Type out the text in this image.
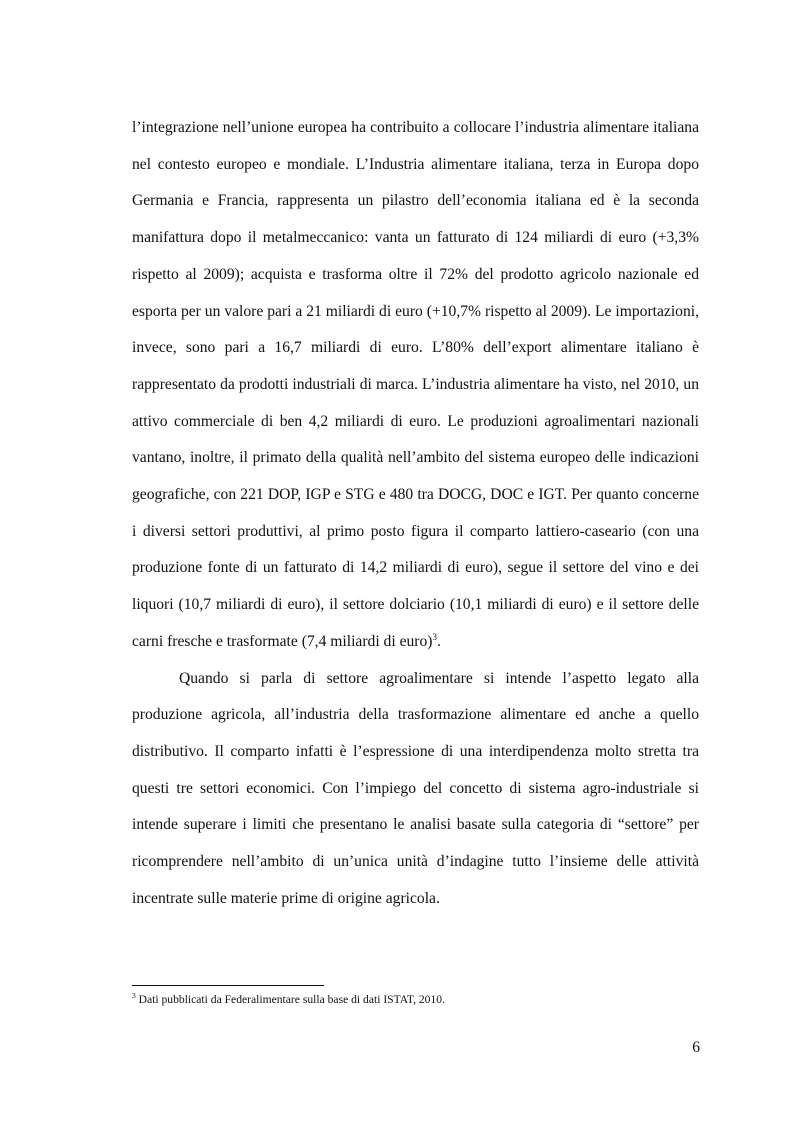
l’integrazione nell’unione europea ha contribuito a collocare l’industria alimentare italiana nel contesto europeo e mondiale. L’Industria alimentare italiana, terza in Europa dopo Germania e Francia, rappresenta un pilastro dell’economia italiana ed è la seconda manifattura dopo il metalmeccanico: vanta un fatturato di 124 miliardi di euro (+3,3% rispetto al 2009); acquista e trasforma oltre il 72% del prodotto agricolo nazionale ed esporta per un valore pari a 21 miliardi di euro (+10,7% rispetto al 2009). Le importazioni, invece, sono pari a 16,7 miliardi di euro. L’80% dell’export alimentare italiano è rappresentato da prodotti industriali di marca. L’industria alimentare ha visto, nel 2010, un attivo commerciale di ben 4,2 miliardi di euro. Le produzioni agroalimentari nazionali vantano, inoltre, il primato della qualità nell’ambito del sistema europeo delle indicazioni geografiche, con 221 DOP, IGP e STG e 480 tra DOCG, DOC e IGT. Per quanto concerne i diversi settori produttivi, al primo posto figura il comparto lattiero-caseario (con una produzione fonte di un fatturato di 14,2 miliardi di euro), segue il settore del vino e dei liquori (10,7 miliardi di euro), il settore dolciario (10,1 miliardi di euro) e il settore delle carni fresche e trasformate (7,4 miliardi di euro)$^3$.

Quando si parla di settore agroalimentare si intende l’aspetto legato alla produzione agricola, all’industria della trasformazione alimentare ed anche a quello distributivo. Il comparto infatti è l’espressione di una interdipendenza molto stretta tra questi tre settori economici. Con l’impiego del concetto di sistema agro-industriale si intende superare i limiti che presentano le analisi basate sulla categoria di “settore” per ricomprendere nell’ambito di un’unica unità d’indagine tutto l’insieme delle attività incentrate sulle materie prime di origine agricola.

$^3$ Dati pubblicati da Federalimentare sulla base di dati ISTAT, 2010.
6
